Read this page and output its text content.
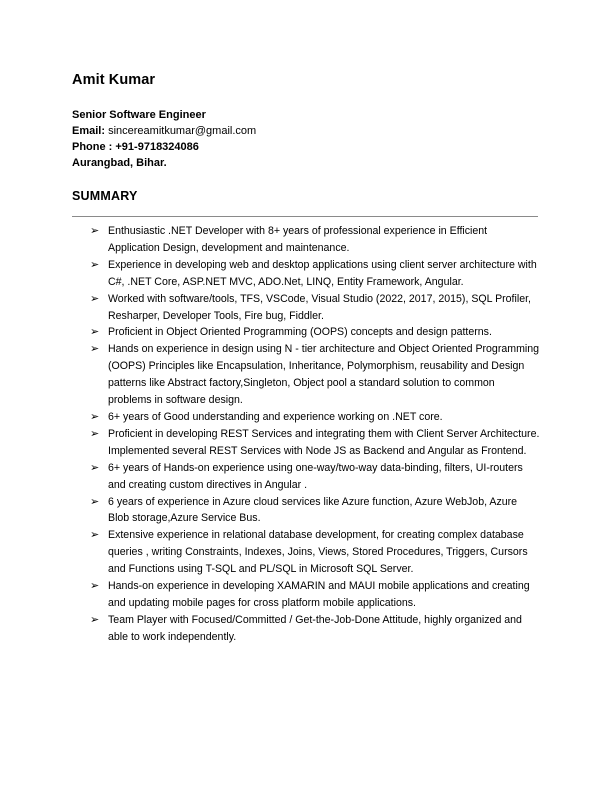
Amit Kumar
Senior Software Engineer
Email: sincereamitkumar@gmail.com
Phone : +91-9718324086
Aurangbad, Bihar.
SUMMARY
➢ Enthusiastic .NET Developer with 8+ years of professional experience in Efficient Application Design, development and maintenance.
➢ Experience in developing web and desktop applications using client server architecture with C#, .NET Core, ASP.NET MVC, ADO.Net, LINQ, Entity Framework, Angular.
➢ Worked with software/tools, TFS, VSCode, Visual Studio (2022, 2017, 2015), SQL Profiler, Resharper, Developer Tools, Fire bug, Fiddler.
➢ Proficient in Object Oriented Programming (OOPS) concepts and design patterns.
➢ Hands on experience in design using N - tier architecture and Object Oriented Programming (OOPS) Principles like Encapsulation, Inheritance, Polymorphism, reusability and Design patterns like Abstract factory,Singleton, Object pool a standard solution to common problems in software design.
➢ 6+ years of Good understanding and experience working on .NET core.
➢ Proficient in developing REST Services and integrating them with Client Server Architecture. Implemented several REST Services with Node JS as Backend and Angular as Frontend.
➢ 6+ years of Hands-on experience using one-way/two-way data-binding, filters, UI-routers and creating custom directives in Angular .
➢ 6 years of experience in Azure cloud services like Azure function, Azure WebJob, Azure Blob storage,Azure Service Bus.
➢ Extensive experience in relational database development, for creating complex database queries , writing Constraints, Indexes, Joins, Views, Stored Procedures, Triggers, Cursors and Functions using T-SQL and PL/SQL in Microsoft SQL Server.
➢ Hands-on experience in developing XAMARIN and MAUI mobile applications and creating and updating mobile pages for cross platform mobile applications.
➢ Team Player with Focused/Committed / Get-the-Job-Done Attitude, highly organized and able to work independently.
